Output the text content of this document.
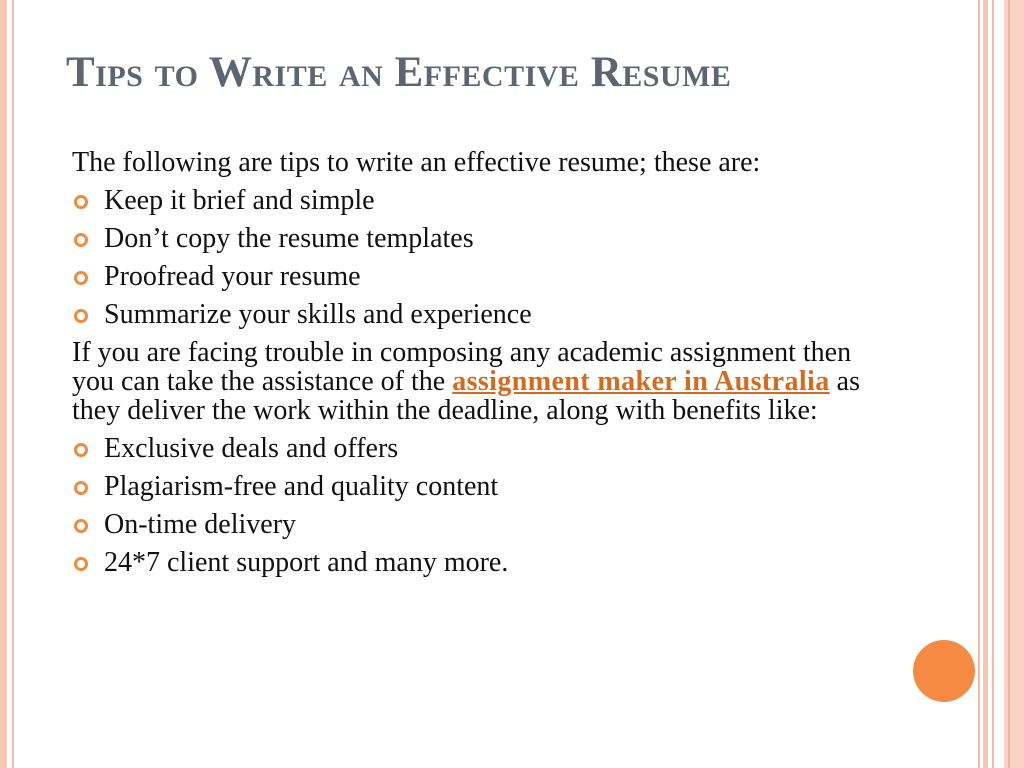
Tips to Write an Effective Resume

The following are tips to write an effective resume; these are:

Keep it brief and simple
Don’t copy the resume templates
Proofread your resume
Summarize your skills and experience

If you are facing trouble in composing any academic assignment then you can take the assistance of the assignment maker in Australia as they deliver the work within the deadline, along with benefits like:

Exclusive deals and offers
Plagiarism-free and quality content
On-time delivery
24*7 client support and many more.
